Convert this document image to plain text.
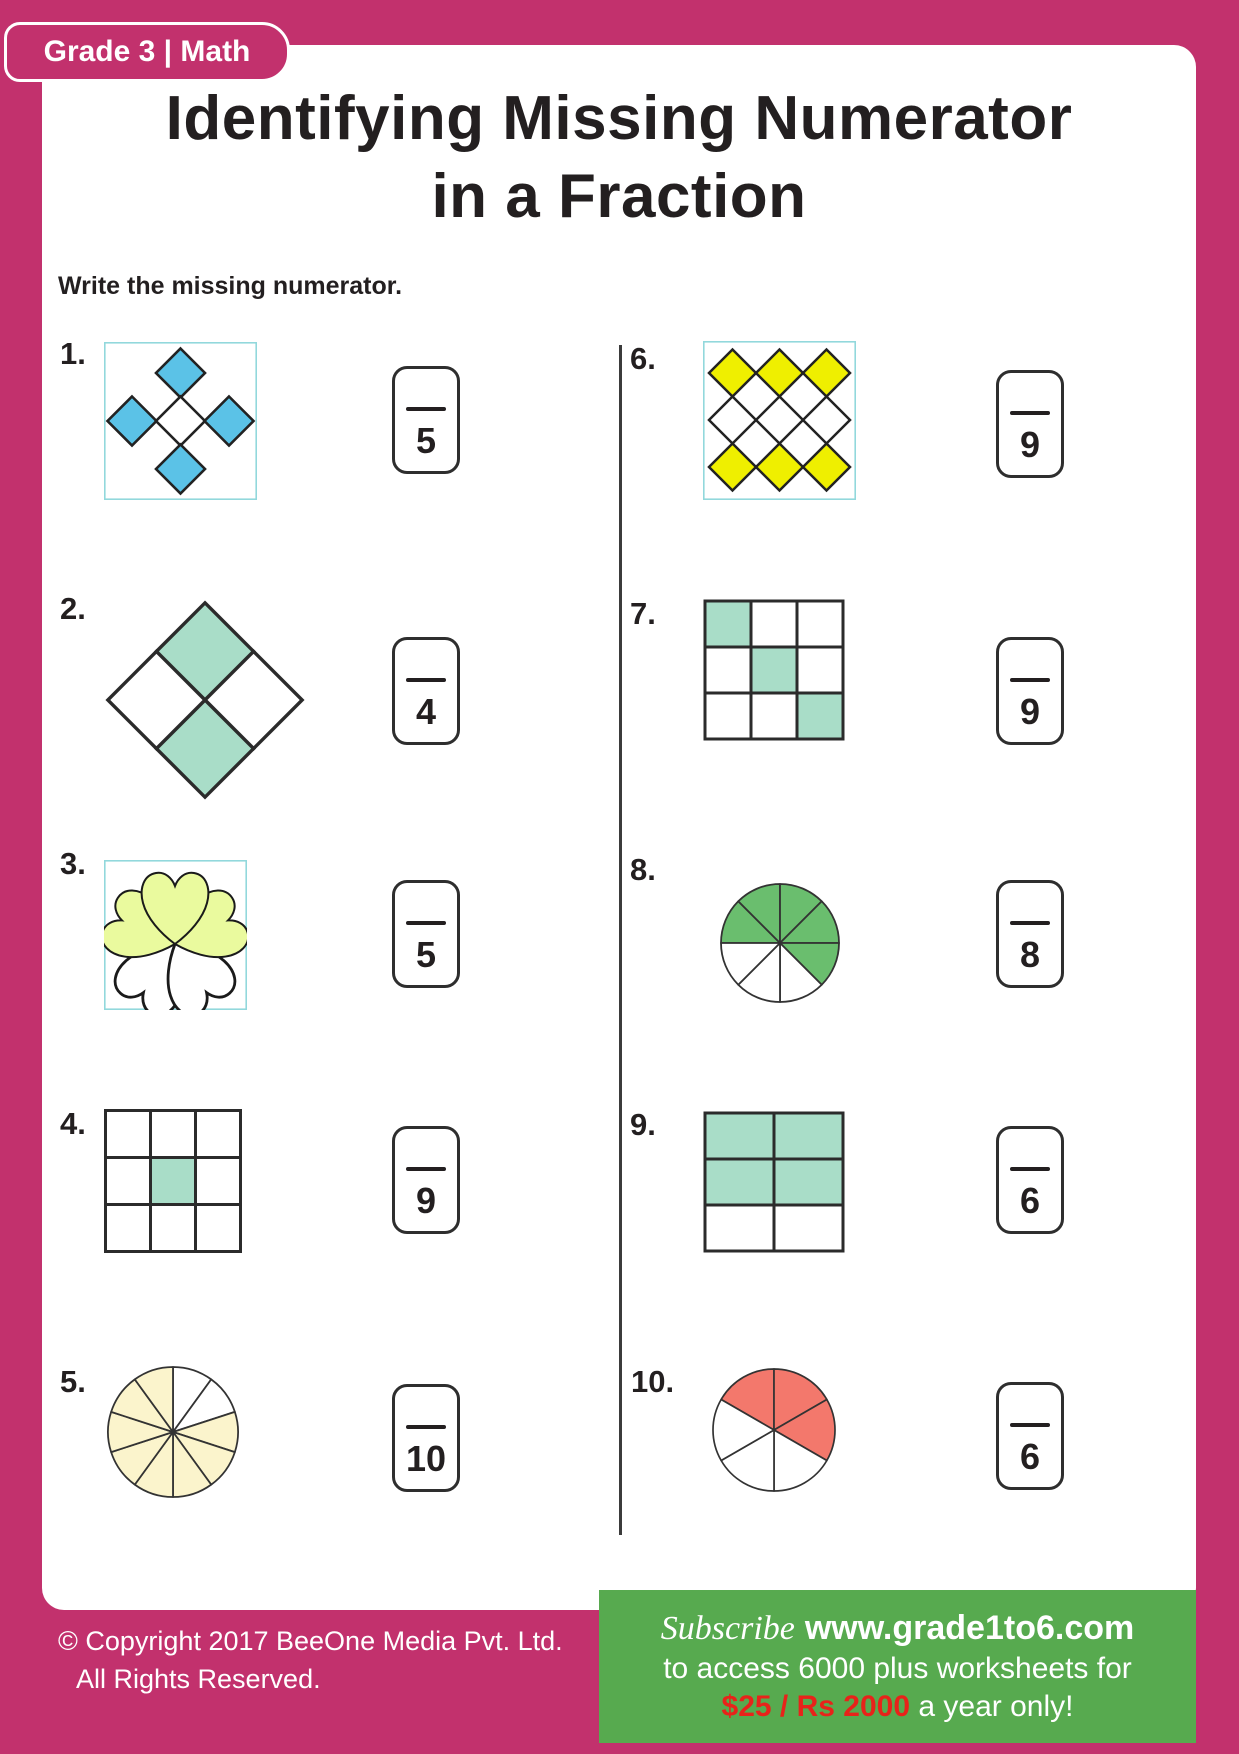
Grade 3 | Math
Identifying Missing Numerator
in a Fraction
Write the missing numerator.
1.
5
2.
4
3.
5
4.
9
5.
10
6.
9
7.
9
8.
8
9.
6
10.
6
© Copyright 2017 BeeOne Media Pvt. Ltd.
All Rights Reserved.
Subscribe www.grade1to6.com
to access 6000 plus worksheets for
$25 / Rs 2000 a year only!
